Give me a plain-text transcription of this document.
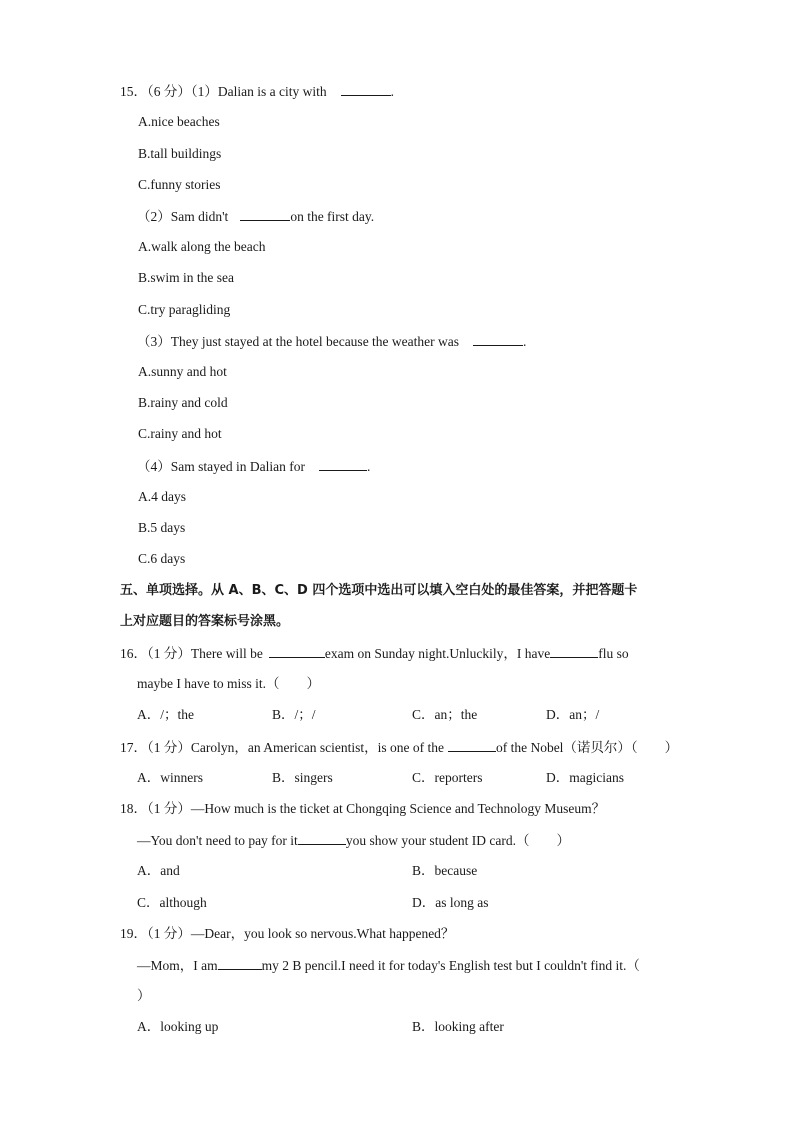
15．（6 分）（1）Dalian is a city with	.
A.nice beaches
B.tall buildings
C.funny stories
（2）Sam didn't	on the first day.
A.walk along the beach
B.swim in the sea
C.try paragliding
（3）They just stayed at the hotel because the weather was	.
A.sunny and hot
B.rainy and cold
C.rainy and hot
（4）Sam stayed in Dalian for	.
A.4 days
B.5 days
C.6 days
五、单项选择。从 A、B、C、D 四个选项中选出可以填入空白处的最佳答案，并把答题卡
上对应题目的答案标号涂黑。
16．（1 分）There will be	exam on Sunday night.Unluckily，I have	flu so
maybe I have to miss it.（　　）
A．/；the	B．/；/	C．an；the	D．an；/
17．（1 分）Carolyn，an American scientist，is one of the	of the Nobel（诺贝尔）（　　）
A．winners	B．singers	C．reporters	D．magicians
18．（1 分）—How much is the ticket at Chongqing Science and Technology Museum？
—You don't need to pay for it	you show your student ID card.（　　）
A．and	B．because
C．although	D．as long as
19．（1 分）—Dear，you look so nervous.What happened？
—Mom，I am	my 2 B pencil.I need it for today's English test but I couldn't find it.（
）
A．looking up	B．looking after
